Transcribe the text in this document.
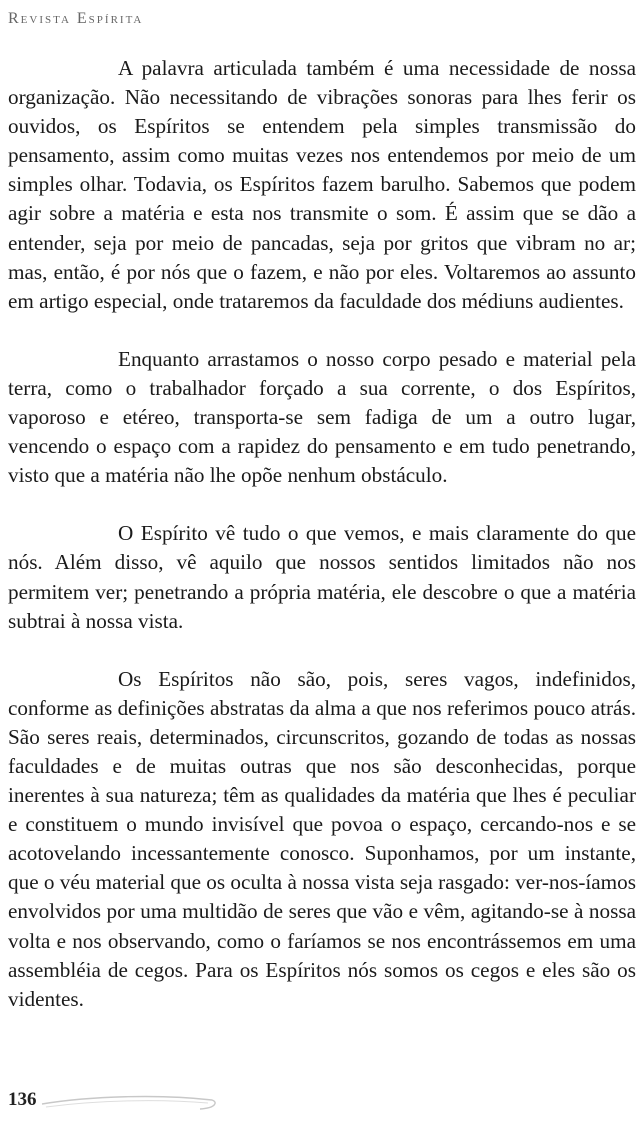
Revista Espírita

A palavra articulada também é uma necessidade de nossa organização. Não necessitando de vibrações sonoras para lhes ferir os ouvidos, os Espíritos se entendem pela simples transmissão do pensamento, assim como muitas vezes nos entendemos por meio de um simples olhar. Todavia, os Espíritos fazem barulho. Sabemos que podem agir sobre a matéria e esta nos transmite o som. É assim que se dão a entender, seja por meio de pancadas, seja por gritos que vibram no ar; mas, então, é por nós que o fazem, e não por eles. Voltaremos ao assunto em artigo especial, onde trataremos da faculdade dos médiuns audientes.

Enquanto arrastamos o nosso corpo pesado e material pela terra, como o trabalhador forçado a sua corrente, o dos Espíritos, vaporoso e etéreo, transporta-se sem fadiga de um a outro lugar, vencendo o espaço com a rapidez do pensamento e em tudo penetrando, visto que a matéria não lhe opõe nenhum obstáculo.

O Espírito vê tudo o que vemos, e mais claramente do que nós. Além disso, vê aquilo que nossos sentidos limitados não nos permitem ver; penetrando a própria matéria, ele descobre o que a matéria subtrai à nossa vista.

Os Espíritos não são, pois, seres vagos, indefinidos, conforme as definições abstratas da alma a que nos referimos pouco atrás. São seres reais, determinados, circunscritos, gozando de todas as nossas faculdades e de muitas outras que nos são desconhecidas, porque inerentes à sua natureza; têm as qualidades da matéria que lhes é peculiar e constituem o mundo invisível que povoa o espaço, cercando-nos e se acotovelando incessantemente conosco. Suponhamos, por um instante, que o véu material que os oculta à nossa vista seja rasgado: ver-nos-íamos envolvidos por uma multidão de seres que vão e vêm, agitando-se à nossa volta e nos observando, como o faríamos se nos encontrássemos em uma assembléia de cegos. Para os Espíritos nós somos os cegos e eles são os videntes.

136
